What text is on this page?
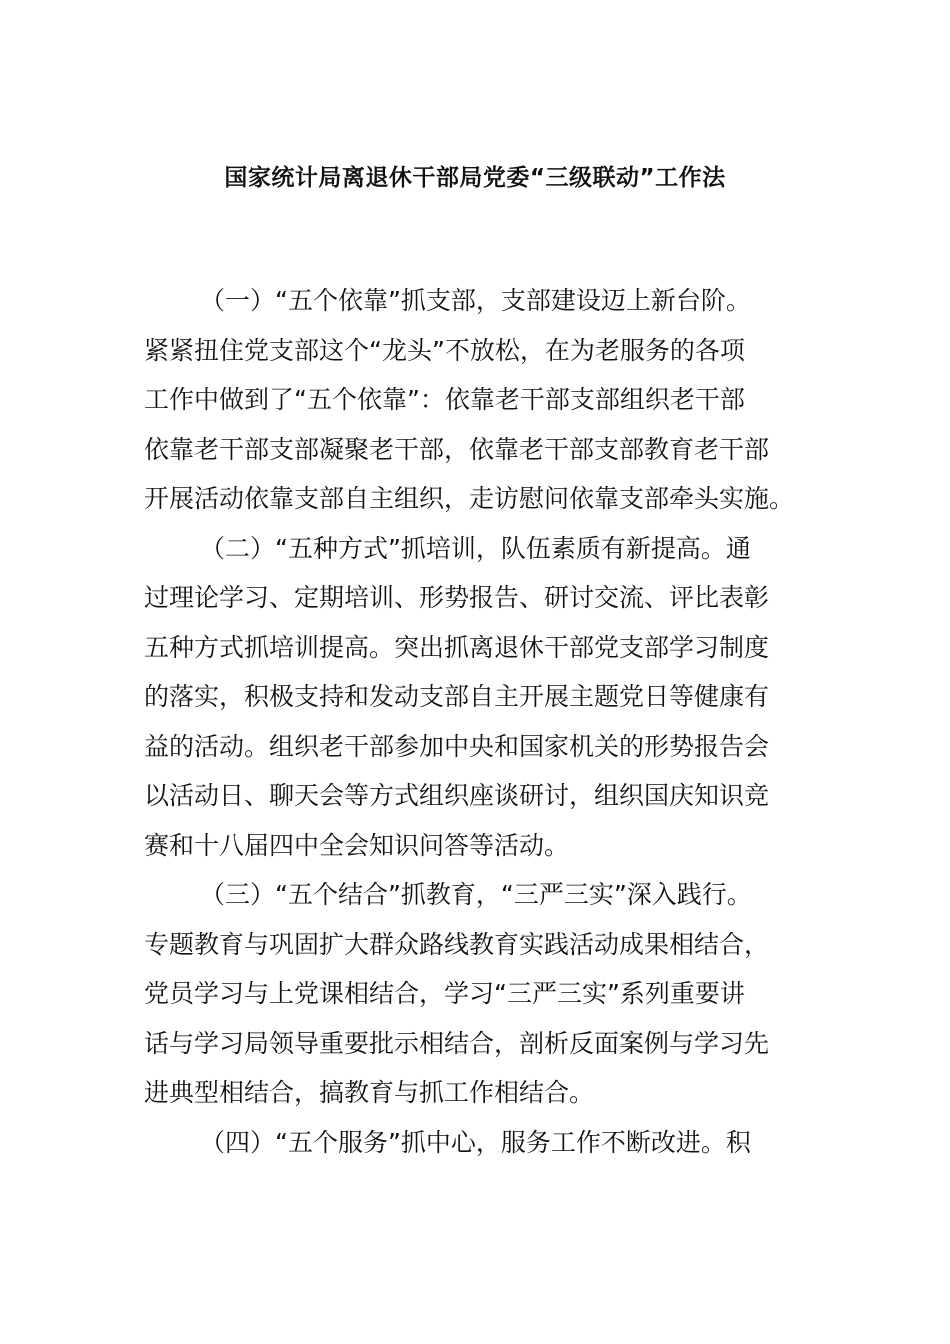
国家统计局离退休干部局党委“三级联动”工作法
（一）“五个依靠”抓支部，支部建设迈上新台阶。
紧紧扭住党支部这个“龙头”不放松，在为老服务的各项
工作中做到了“五个依靠”：依靠老干部支部组织老干部
依靠老干部支部凝聚老干部，依靠老干部支部教育老干部
开展活动依靠支部自主组织，走访慰问依靠支部牵头实施。
（二）“五种方式”抓培训，队伍素质有新提高。通
过理论学习、定期培训、形势报告、研讨交流、评比表彰
五种方式抓培训提高。突出抓离退休干部党支部学习制度
的落实，积极支持和发动支部自主开展主题党日等健康有
益的活动。组织老干部参加中央和国家机关的形势报告会
以活动日、聊天会等方式组织座谈研讨，组织国庆知识竞
赛和十八届四中全会知识问答等活动。
（三）“五个结合”抓教育，“三严三实”深入践行。
专题教育与巩固扩大群众路线教育实践活动成果相结合，
党员学习与上党课相结合，学习“三严三实”系列重要讲
话与学习局领导重要批示相结合，剖析反面案例与学习先
进典型相结合，搞教育与抓工作相结合。
（四）“五个服务”抓中心，服务工作不断改进。积
